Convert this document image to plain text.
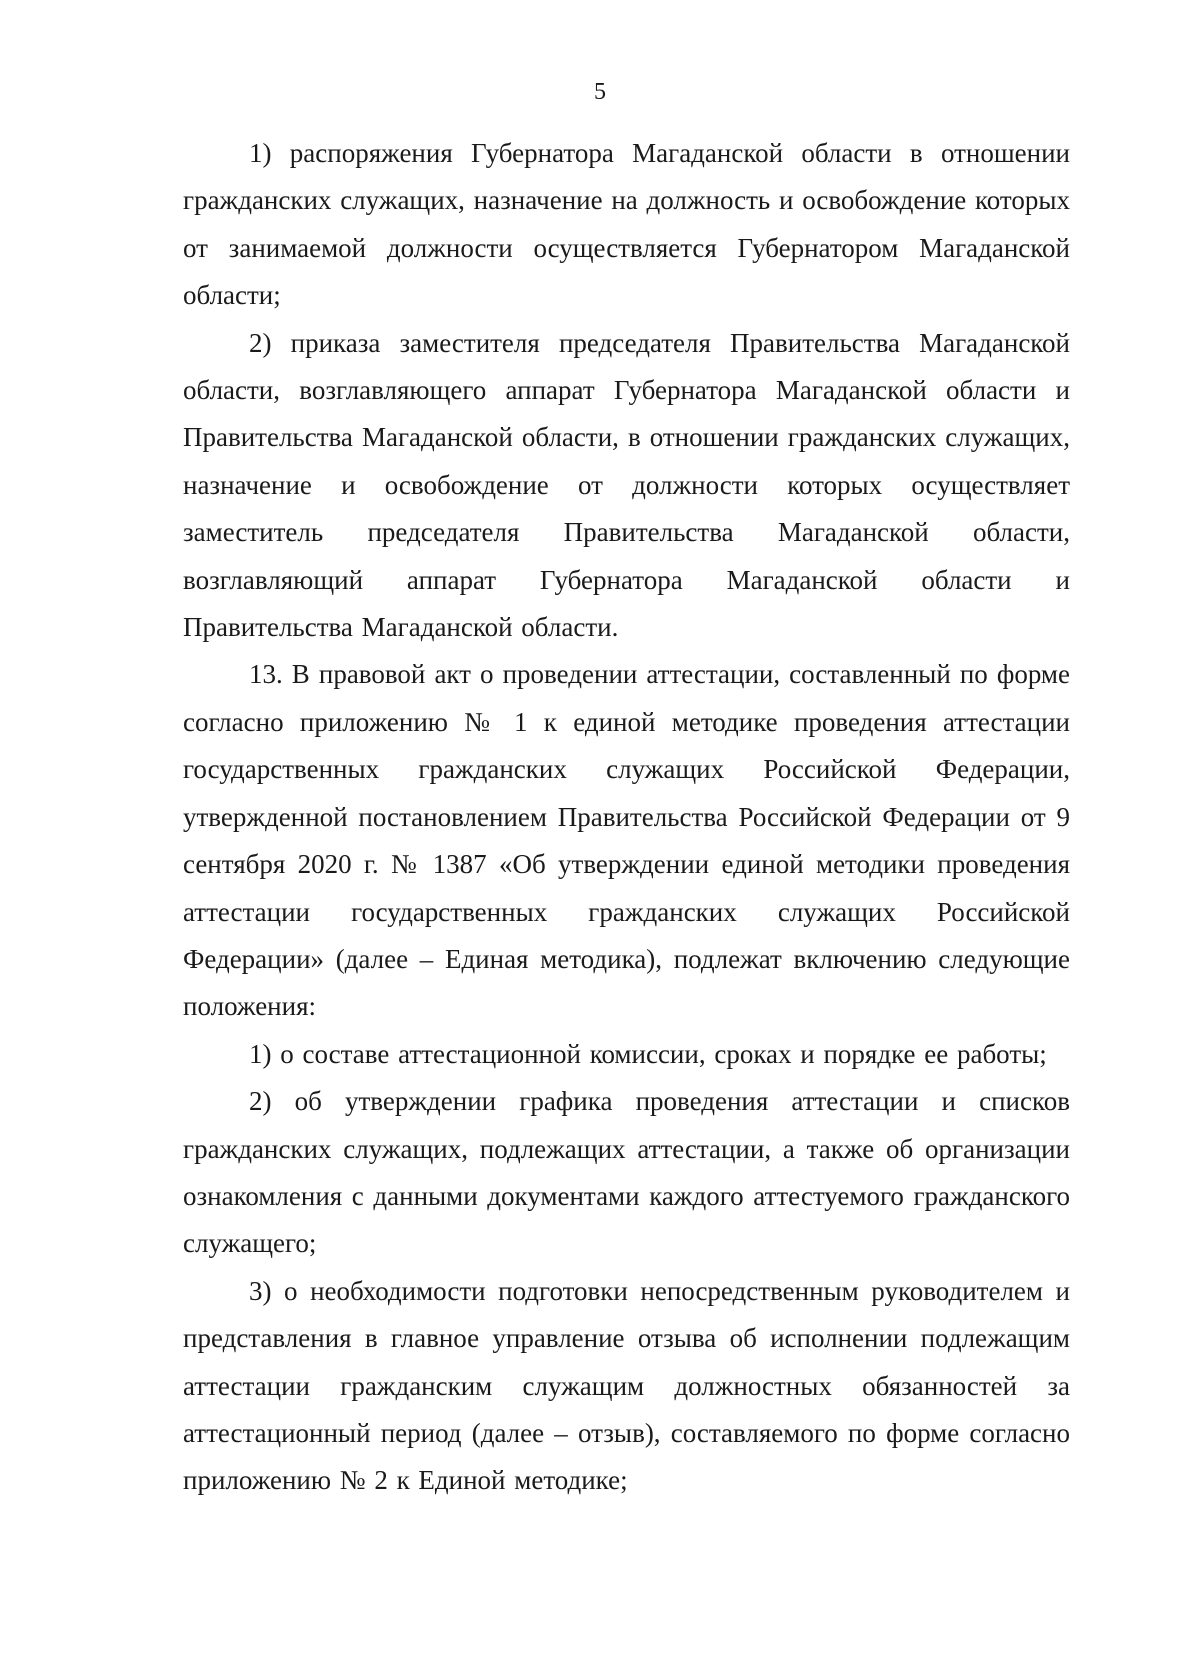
5

1) распоряжения Губернатора Магаданской области в отношении гражданских служащих, назначение на должность и освобождение которых от занимаемой должности осуществляется Губернатором Магаданской области;

2) приказа заместителя председателя Правительства Магаданской области, возглавляющего аппарат Губернатора Магаданской области и Правительства Магаданской области, в отношении гражданских служащих, назначение и освобождение от должности которых осуществляет заместитель председателя Правительства Магаданской области, возглавляющий аппарат Губернатора Магаданской области и Правительства Магаданской области.

13. В правовой акт о проведении аттестации, составленный по форме согласно приложению № 1 к единой методике проведения аттестации государственных гражданских служащих Российской Федерации, утвержденной постановлением Правительства Российской Федерации от 9 сентября 2020 г. № 1387 «Об утверждении единой методики проведения аттестации государственных гражданских служащих Российской Федерации» (далее – Единая методика), подлежат включению следующие положения:

1) о составе аттестационной комиссии, сроках и порядке ее работы;

2) об утверждении графика проведения аттестации и списков гражданских служащих, подлежащих аттестации, а также об организации ознакомления с данными документами каждого аттестуемого гражданского служащего;

3) о необходимости подготовки непосредственным руководителем и представления в главное управление отзыва об исполнении подлежащим аттестации гражданским служащим должностных обязанностей за аттестационный период (далее – отзыв), составляемого по форме согласно приложению № 2 к Единой методике;
